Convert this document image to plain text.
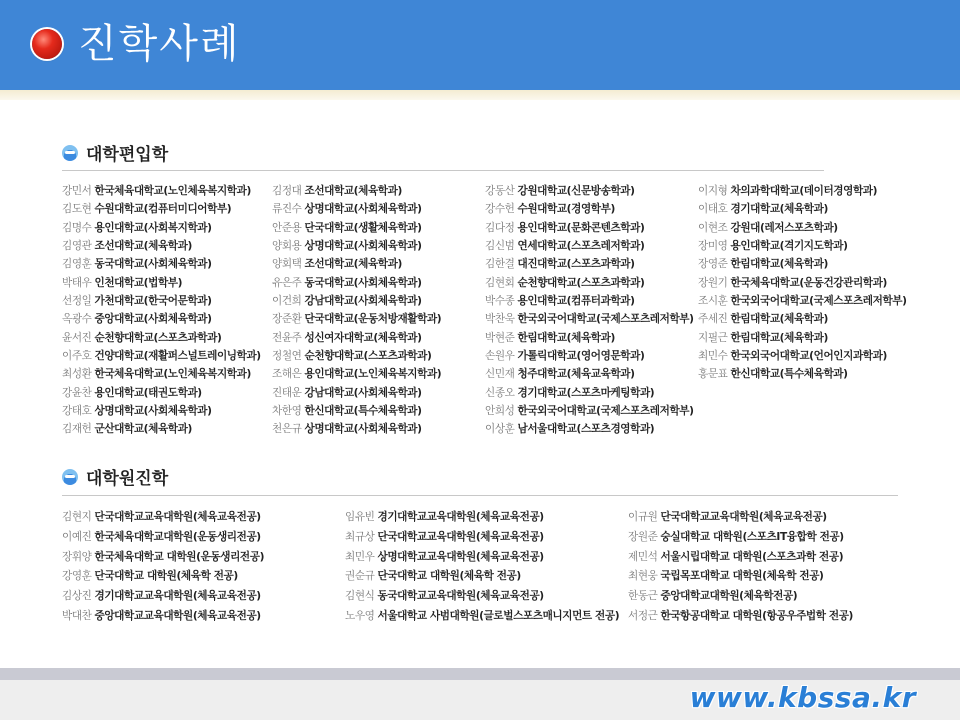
진학사례
대학편입학
강민서 한국체육대학교(노인체육복지학과)
김도현 수원대학교(컴퓨터미디어학부)
김명수 용인대학교(사회복지학과)
김영관 조선대학교(체육학과)
김영훈 동국대학교(사회체육학과)
박태우 인천대학교(법학부)
선정일 가천대학교(한국어문학과)
옥광수 중앙대학교(사회체육학과)
윤서진 순천향대학교(스포츠과학과)
이주호 건양대학교(재활퍼스널트레이닝학과)
최성환 한국체육대학교(노인체육복지학과)
강윤찬 용인대학교(태권도학과)
강태호 상명대학교(사회체육학과)
김재헌 군산대학교(체육학과)
김정대 조선대학교(체육학과)
류진수 상명대학교(사회체육학과)
안준용 단국대학교(생활체육학과)
양회용 상명대학교(사회체육학과)
양회택 조선대학교(체육학과)
유은주 동국대학교(사회체육학과)
이건희 강남대학교(사회체육학과)
장준환 단국대학교(운동처방재활학과)
전윤주 성신여자대학교(체육학과)
정철연 순천향대학교(스포츠과학과)
조해은 용인대학교(노인체육복지학과)
진태운 강남대학교(사회체육학과)
차한영 한신대학교(특수체육학과)
천은규 상명대학교(사회체육학과)
강동산 강원대학교(신문방송학과)
강수헌 수원대학교(경영학부)
김다정 용인대학교(문화콘텐츠학과)
김신범 연세대학교(스포츠레저학과)
김한결 대진대학교(스포츠과학과)
김현회 순천향대학교(스포츠과학과)
박수종 용인대학교(컴퓨터과학과)
박찬욱 한국외국어대학교(국제스포츠레저학부)
박현준 한림대학교(체육학과)
손원우 가톨릭대학교(영어영문학과)
신민재 청주대학교(체육교육학과)
신종오 경기대학교(스포츠마케팅학과)
안희성 한국외국어대학교(국제스포츠레저학부)
이상훈 남서울대학교(스포츠경영학과)
이지형 차의과학대학교(데이터경영학과)
이태호 경기대학교(체육학과)
이현조 강원대(레저스포츠학과)
장미영 용인대학교(격기지도학과)
장영준 한림대학교(체육학과)
장원기 한국체육대학교(운동건강관리학과)
조시훈 한국외국어대학교(국제스포츠레저학부)
주세진 한림대학교(체육학과)
지필근 한림대학교(체육학과)
최민수 한국외국어대학교(언어인지과학과)
홍문표 한신대학교(특수체육학과)
대학원진학
김현지 단국대학교교육대학원(체육교육전공)
이예진 한국체육대학교대학원(운동생리전공)
장휘양 한국체육대학교 대학원(운동생리전공)
강영훈 단국대학교 대학원(체육학 전공)
김상진 경기대학교교육대학원(체육교육전공)
박대찬 중앙대학교교육대학원(체육교육전공)
임유빈 경기대학교교육대학원(체육교육전공)
최규상 단국대학교교육대학원(체육교육전공)
최민우 상명대학교교육대학원(체육교육전공)
권순규 단국대학교 대학원(체육학 전공)
김현식 동국대학교교육대학원(체육교육전공)
노우영 서울대학교 사범대학원(글로벌스포츠매니지먼트 전공)
이규원 단국대학교교육대학원(체육교육전공)
장원준 숭실대학교 대학원(스포츠IT융합학 전공)
제민석 서울시립대학교 대학원(스포츠과학 전공)
최현웅 국립목포대학교 대학원(체육학 전공)
한동근 중앙대학교대학원(체육학전공)
서정근 한국항공대학교 대학원(항공우주법학 전공)
www.kbssa.kr
